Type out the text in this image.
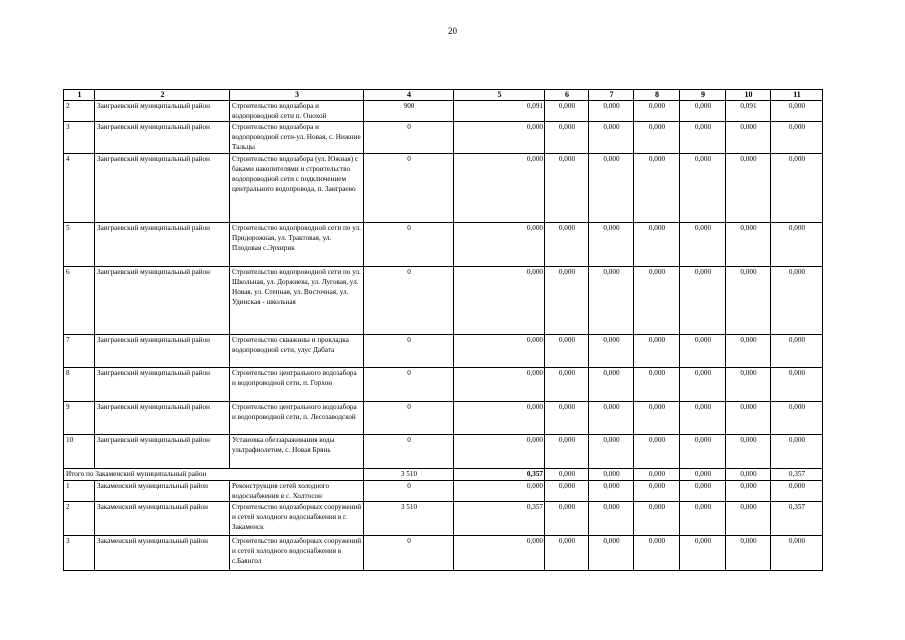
20
1	2	3	4	5	6	7	8	9	10	11
2	Заиграевский муниципальный район	Строительство водозабора и водопроводной сети п. Онохой	900	0,091	0,000	0,000	0,000	0,000	0,091	0,000
3	Заиграевский муниципальный район	Строительство водозабора и водопроводной сети-ул. Новая, с. Нижние Тальцы	0	0,000	0,000	0,000	0,000	0,000	0,000	0,000
4	Заиграевский муниципальный район	Строительство водозабора (ул. Южная) с баками накопителями и строительство водопроводной сети с подключением центрального водопровода, п. Заиграево	0	0,000	0,000	0,000	0,000	0,000	0,000	0,000
5	Заиграевский муниципальный район	Строительство водопроводной сети по ул. Придорожная, ул. Трактовая, ул. Плодовая с.Эрхирик	0	0,000	0,000	0,000	0,000	0,000	0,000	0,000
6	Заиграевский муниципальный район	Строительство водопроводной сети по ул. Школьная, ул. Доржиева, ул. Луговая, ул. Новая, ул. Степная, ул. Восточная, ул. Удинская - школьная	0	0,000	0,000	0,000	0,000	0,000	0,000	0,000
7	Заиграевский муниципальный район	Строительство скважины и прокладка водопроводной сети, улус Дабата	0	0,000	0,000	0,000	0,000	0,000	0,000	0,000
8	Заиграевский муниципальный район	Строительство центрального водозабора и водопроводной сети, п. Горхон	0	0,000	0,000	0,000	0,000	0,000	0,000	0,000
9	Заиграевский муниципальный район	Строительство центрального водозабора и водопроводной сети, п. Лесозаводской	0	0,000	0,000	0,000	0,000	0,000	0,000	0,000
10	Заиграевский муниципальный район	Установка обеззараживания воды ультрафиолетом, с. Новая Брянь	0	0,000	0,000	0,000	0,000	0,000	0,000	0,000
Итого по Закаменский муниципальный район			3 510	0,357	0,000	0,000	0,000	0,000	0,000	0,357
1	Закаменский муниципальный район	Реконструкция сетей холодного водоснабжения в с. Холтосон	0	0,000	0,000	0,000	0,000	0,000	0,000	0,000
2	Закаменский муниципальный район	Строительство водозаборных сооружений и сетей холодного водоснабжения в г. Закаменск	3 510	0,357	0,000	0,000	0,000	0,000	0,000	0,357
3	Закаменский муниципальный район	Строительство водозаборных сооружений и сетей холодного водоснабжения в с.Баянгол	0	0,000	0,000	0,000	0,000	0,000	0,000	0,000
